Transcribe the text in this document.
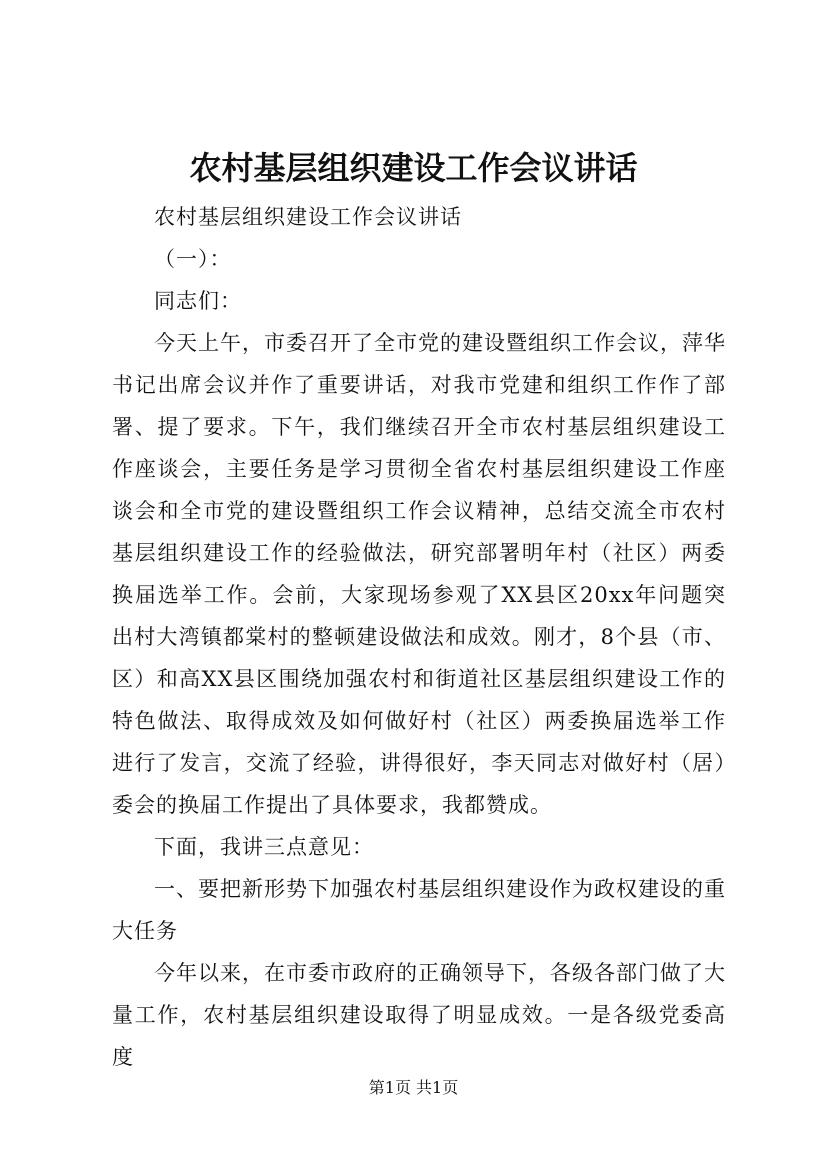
农村基层组织建设工作会议讲话

农村基层组织建设工作会议讲话

（一）：

同志们：

今天上午，市委召开了全市党的建设暨组织工作会议，萍华书记出席会议并作了重要讲话，对我市党建和组织工作作了部署、提了要求。下午，我们继续召开全市农村基层组织建设工作座谈会，主要任务是学习贯彻全省农村基层组织建设工作座谈会和全市党的建设暨组织工作会议精神，总结交流全市农村基层组织建设工作的经验做法，研究部署明年村（社区）两委换届选举工作。会前，大家现场参观了XX县区20xx年问题突出村大湾镇都棠村的整顿建设做法和成效。刚才，8个县（市、区）和高XX县区围绕加强农村和街道社区基层组织建设工作的特色做法、取得成效及如何做好村（社区）两委换届选举工作进行了发言，交流了经验，讲得很好，李天同志对做好村（居）委会的换届工作提出了具体要求，我都赞成。

下面，我讲三点意见：

一、要把新形势下加强农村基层组织建设作为政权建设的重大任务

今年以来，在市委市政府的正确领导下，各级各部门做了大量工作，农村基层组织建设取得了明显成效。一是各级党委高度

第1页 共1页
